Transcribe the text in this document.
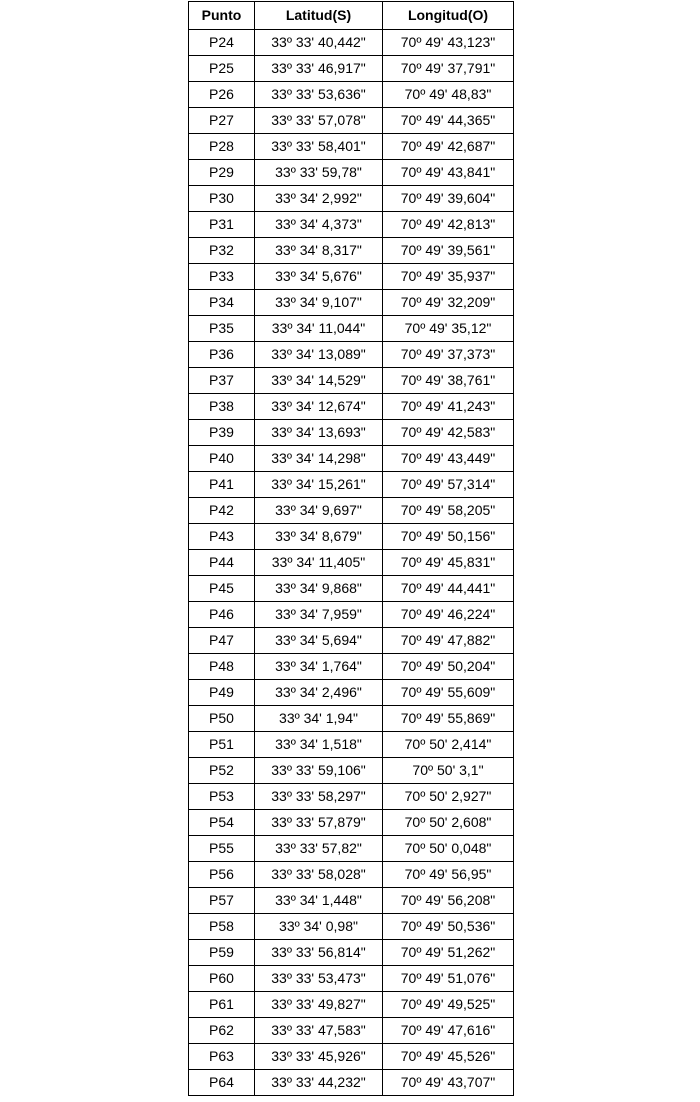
Punto	Latitud(S)	Longitud(O)
P24	33º 33' 40,442"	70º 49' 43,123"
P25	33º 33' 46,917"	70º 49' 37,791"
P26	33º 33' 53,636"	70º 49' 48,83"
P27	33º 33' 57,078"	70º 49' 44,365"
P28	33º 33' 58,401"	70º 49' 42,687"
P29	33º 33' 59,78"	70º 49' 43,841"
P30	33º 34' 2,992"	70º 49' 39,604"
P31	33º 34' 4,373"	70º 49' 42,813"
P32	33º 34' 8,317"	70º 49' 39,561"
P33	33º 34' 5,676"	70º 49' 35,937"
P34	33º 34' 9,107"	70º 49' 32,209"
P35	33º 34' 11,044"	70º 49' 35,12"
P36	33º 34' 13,089"	70º 49' 37,373"
P37	33º 34' 14,529"	70º 49' 38,761"
P38	33º 34' 12,674"	70º 49' 41,243"
P39	33º 34' 13,693"	70º 49' 42,583"
P40	33º 34' 14,298"	70º 49' 43,449"
P41	33º 34' 15,261"	70º 49' 57,314"
P42	33º 34' 9,697"	70º 49' 58,205"
P43	33º 34' 8,679"	70º 49' 50,156"
P44	33º 34' 11,405"	70º 49' 45,831"
P45	33º 34' 9,868"	70º 49' 44,441"
P46	33º 34' 7,959"	70º 49' 46,224"
P47	33º 34' 5,694"	70º 49' 47,882"
P48	33º 34' 1,764"	70º 49' 50,204"
P49	33º 34' 2,496"	70º 49' 55,609"
P50	33º 34' 1,94"	70º 49' 55,869"
P51	33º 34' 1,518"	70º 50' 2,414"
P52	33º 33' 59,106"	70º 50' 3,1"
P53	33º 33' 58,297"	70º 50' 2,927"
P54	33º 33' 57,879"	70º 50' 2,608"
P55	33º 33' 57,82"	70º 50' 0,048"
P56	33º 33' 58,028"	70º 49' 56,95"
P57	33º 34' 1,448"	70º 49' 56,208"
P58	33º 34' 0,98"	70º 49' 50,536"
P59	33º 33' 56,814"	70º 49' 51,262"
P60	33º 33' 53,473"	70º 49' 51,076"
P61	33º 33' 49,827"	70º 49' 49,525"
P62	33º 33' 47,583"	70º 49' 47,616"
P63	33º 33' 45,926"	70º 49' 45,526"
P64	33º 33' 44,232"	70º 49' 43,707"
